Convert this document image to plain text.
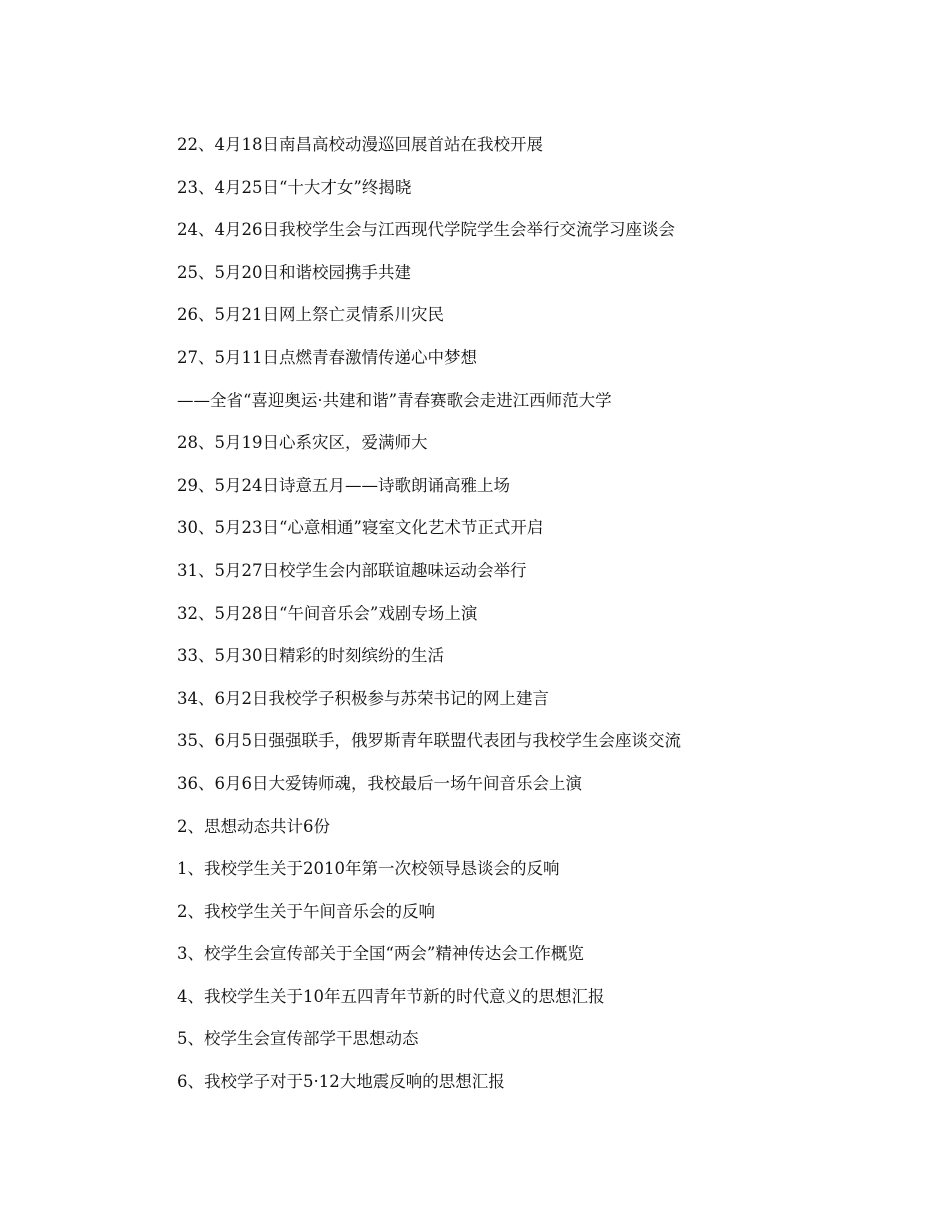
22、4月18日南昌高校动漫巡回展首站在我校开展
23、4月25日“十大才女”终揭晓
24、4月26日我校学生会与江西现代学院学生会举行交流学习座谈会
25、5月20日和谐校园携手共建
26、5月21日网上祭亡灵情系川灾民
27、5月11日点燃青春激情传递心中梦想
——全省“喜迎奥运·共建和谐”青春赛歌会走进江西师范大学
28、5月19日心系灾区，爱满师大
29、5月24日诗意五月——诗歌朗诵高雅上场
30、5月23日“心意相通”寝室文化艺术节正式开启
31、5月27日校学生会内部联谊趣味运动会举行
32、5月28日“午间音乐会”戏剧专场上演
33、5月30日精彩的时刻缤纷的生活
34、6月2日我校学子积极参与苏荣书记的网上建言
35、6月5日强强联手，俄罗斯青年联盟代表团与我校学生会座谈交流
36、6月6日大爱铸师魂，我校最后一场午间音乐会上演
2、思想动态共计6份
1、我校学生关于2010年第一次校领导恳谈会的反响
2、我校学生关于午间音乐会的反响
3、校学生会宣传部关于全国“两会”精神传达会工作概览
4、我校学生关于10年五四青年节新的时代意义的思想汇报
5、校学生会宣传部学干思想动态
6、我校学子对于5·12大地震反响的思想汇报
